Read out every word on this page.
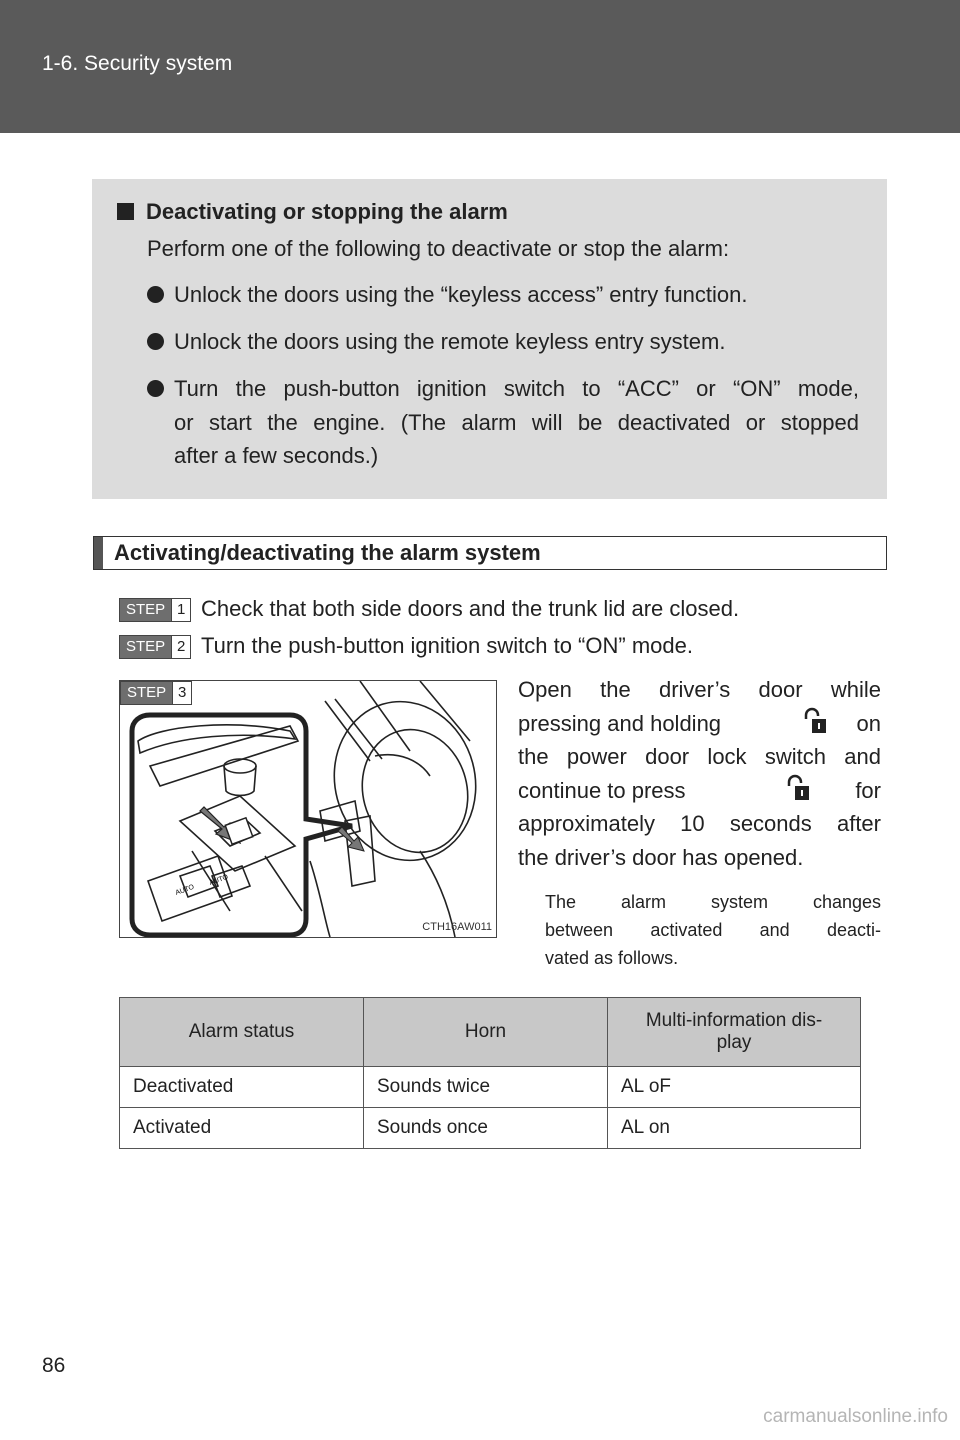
1-6. Security system
Deactivating or stopping the alarm
Perform one of the following to deactivate or stop the alarm:
Unlock the doors using the “keyless access” entry function.
Unlock the doors using the remote keyless entry system.
Turn the push-button ignition switch to “ACC” or “ON” mode,
or start the engine. (The alarm will be deactivated or stopped
after a few seconds.)
Activating/deactivating the alarm system
STEP 1 Check that both side doors and the trunk lid are closed.
STEP 2 Turn the push-button ignition switch to “ON” mode.
AUTO
AUTO
STEP 3
CTH16AW011
Open the driver’s door while
pressing and holding	on
the power door lock switch and
continue to press	for
approximately 10 seconds after
the driver’s door has opened.
The alarm system changes
between activated and deacti-
vated as follows.
Alarm status	Horn	Multi-information dis-
play
Deactivated	Sounds twice	AL oF
Activated	Sounds once	AL on
86
carmanualsonline.info
